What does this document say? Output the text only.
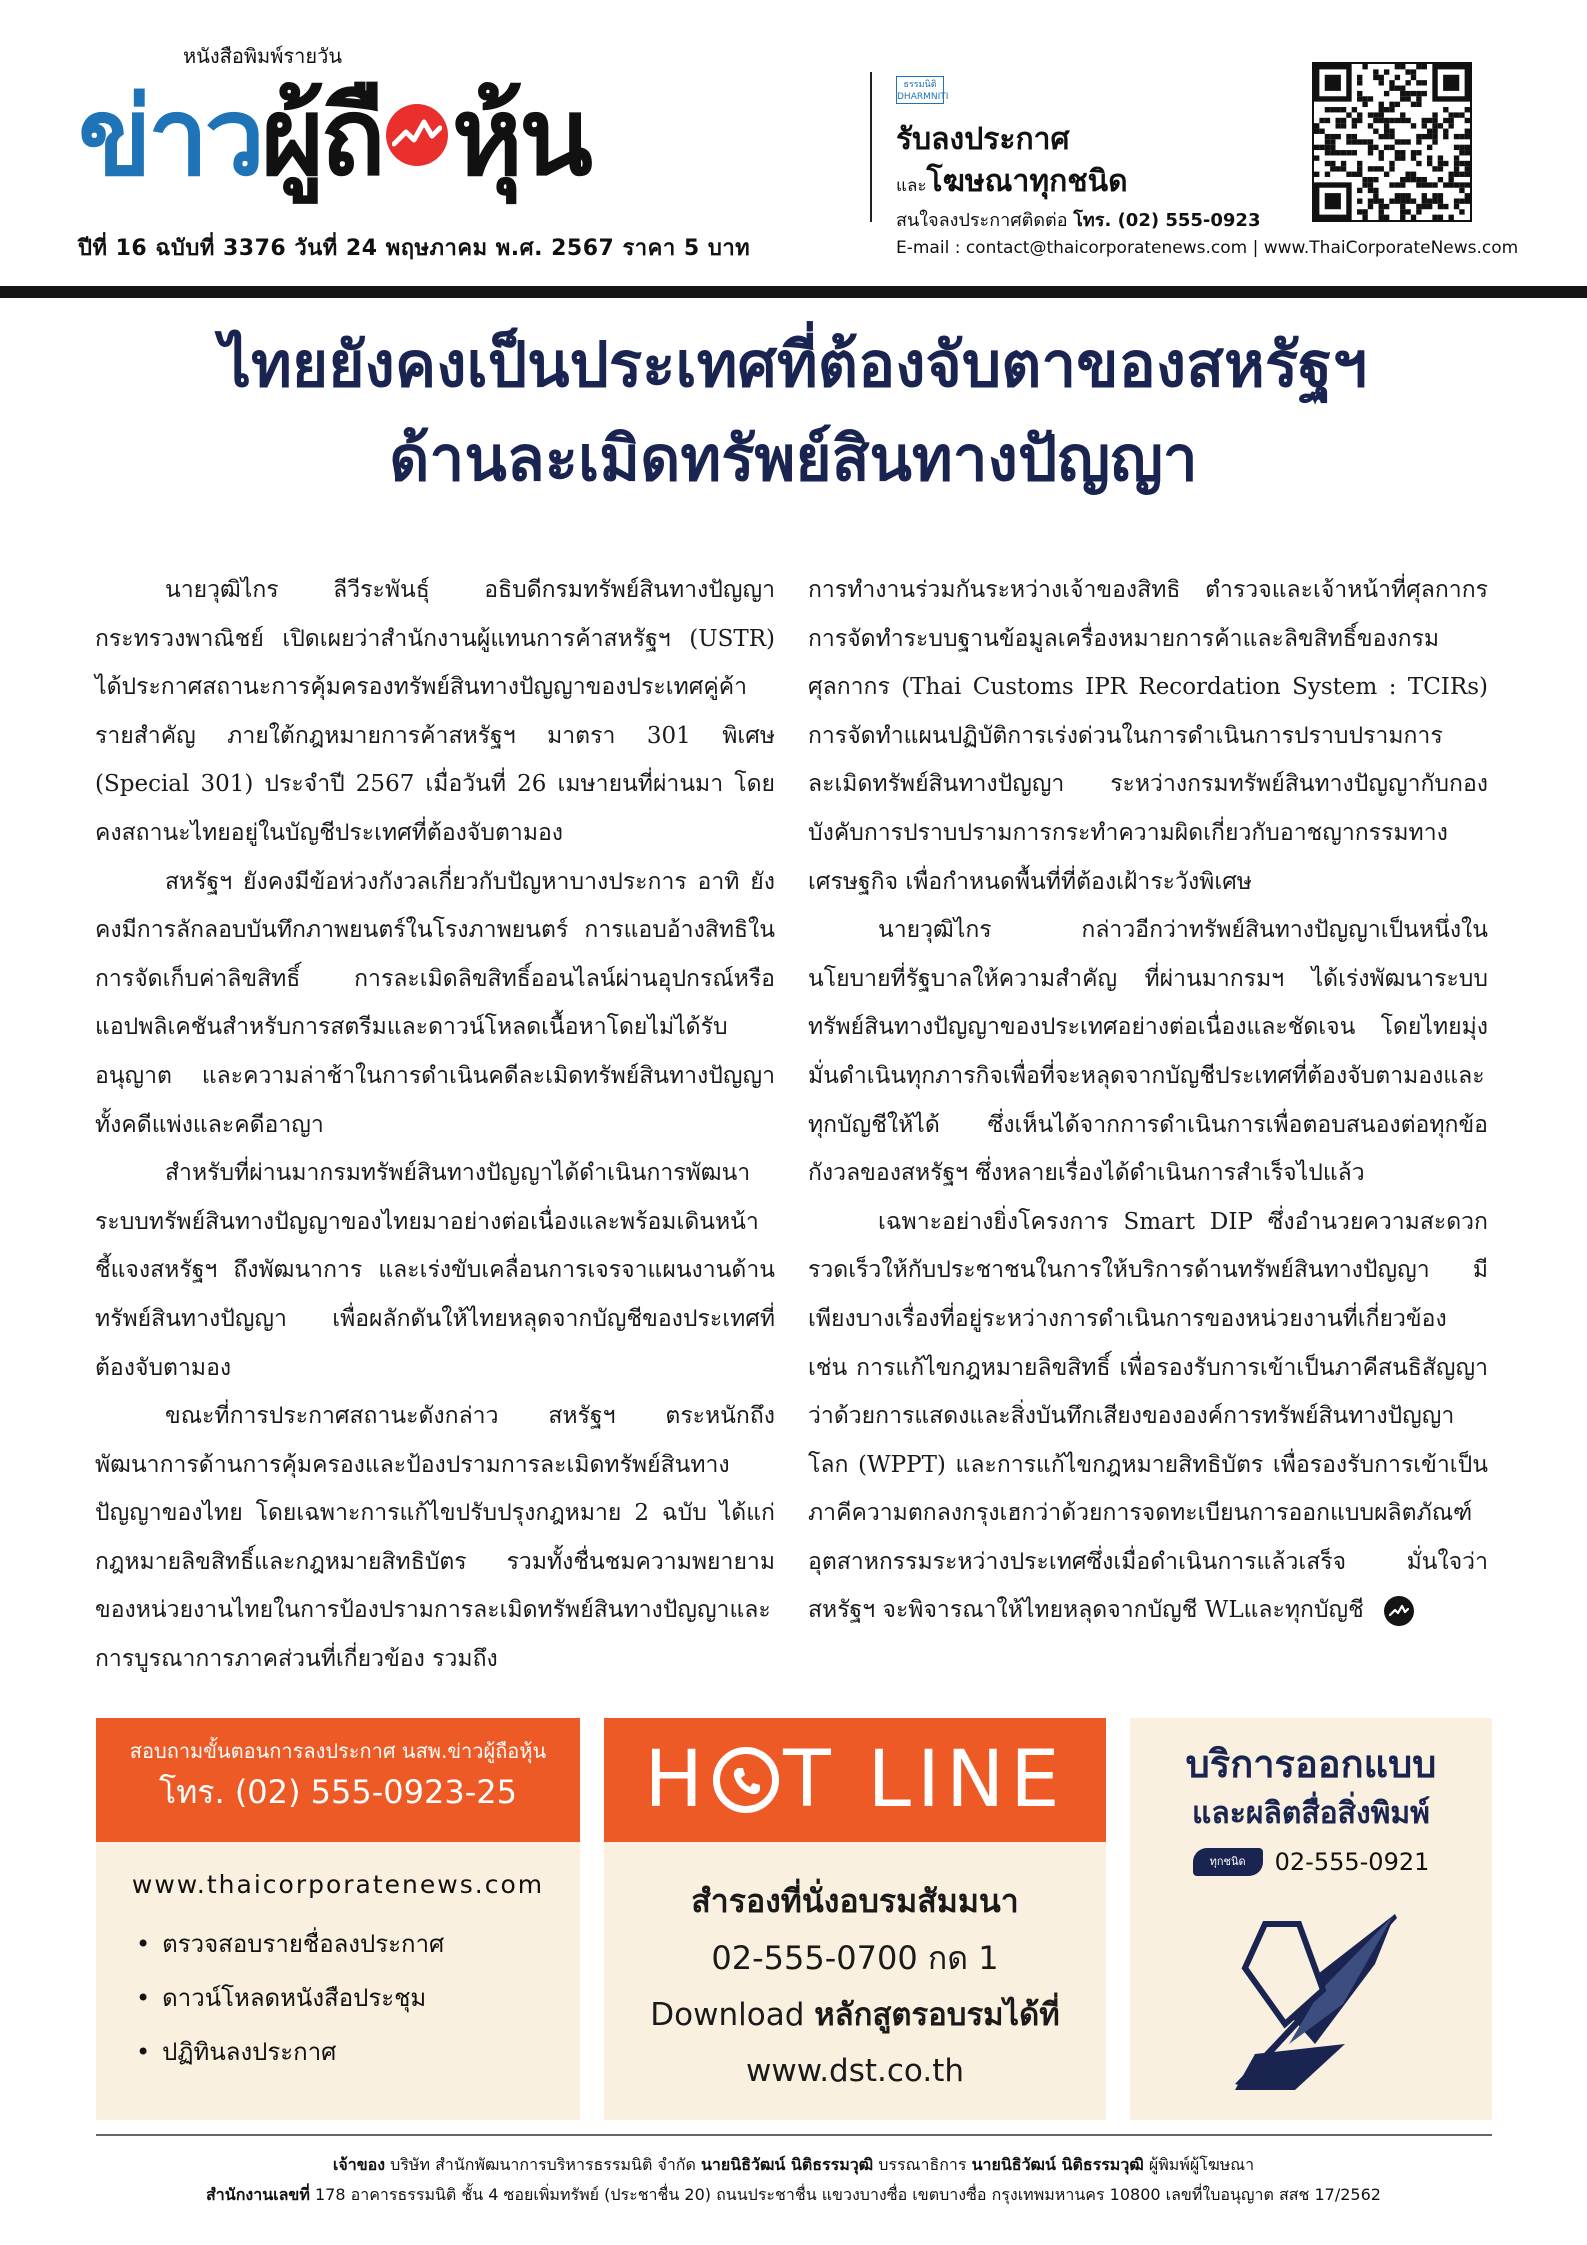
หนังสือพิมพ์รายวัน
ข่าว ผู้ถื หุ้น
ปีที่ 16 ฉบับที่ 3376 วันที่ 24 พฤษภาคม พ.ศ. 2567 ราคา 5 บาท
ธรรมนิติ DHARMNITI
รับลงประกาศ
และโฆษณาทุกชนิด
สนใจลงประกาศติดต่อ โทร. (02) 555-0923
E-mail : contact@thaicorporatenews.com | www.ThaiCorporateNews.com
ไทยยังคงเป็นประเทศที่ต้องจับตาของสหรัฐฯ
ด้านละเมิดทรัพย์สินทางปัญญา

นายวุฒิไกร ลีวีระพันธุ์ อธิบดีกรมทรัพย์สินทางปัญญา กระทรวงพาณิชย์ เปิดเผยว่าสำนักงานผู้แทนการค้าสหรัฐฯ (USTR) ได้ประกาศสถานะการคุ้มครองทรัพย์สินทางปัญญาของประเทศคู่ค้ารายสำคัญ ภายใต้กฎหมายการค้าสหรัฐฯ มาตรา 301 พิเศษ (Special 301) ประจำปี 2567 เมื่อวันที่ 26 เมษายนที่ผ่านมา โดยคงสถานะไทยอยู่ในบัญชีประเทศที่ต้องจับตามอง

สหรัฐฯ ยังคงมีข้อห่วงกังวลเกี่ยวกับปัญหาบางประการ อาทิ ยังคงมีการลักลอบบันทึกภาพยนตร์ในโรงภาพยนตร์ การแอบอ้างสิทธิในการจัดเก็บค่าลิขสิทธิ์ การละเมิดลิขสิทธิ์ออนไลน์ผ่านอุปกรณ์หรือแอปพลิเคชันสำหรับการสตรีมและดาวน์โหลดเนื้อหาโดยไม่ได้รับอนุญาต และความล่าช้าในการดำเนินคดีละเมิดทรัพย์สินทางปัญญาทั้งคดีแพ่งและคดีอาญา

สำหรับที่ผ่านมากรมทรัพย์สินทางปัญญาได้ดำเนินการพัฒนาระบบทรัพย์สินทางปัญญาของไทยมาอย่างต่อเนื่องและพร้อมเดินหน้าชี้แจงสหรัฐฯ ถึงพัฒนาการ และเร่งขับเคลื่อนการเจรจาแผนงานด้านทรัพย์สินทางปัญญา เพื่อผลักดันให้ไทยหลุดจากบัญชีของประเทศที่ต้องจับตามอง

ขณะที่การประกาศสถานะดังกล่าว สหรัฐฯ ตระหนักถึงพัฒนาการด้านการคุ้มครองและป้องปรามการละเมิดทรัพย์สินทางปัญญาของไทย โดยเฉพาะการแก้ไขปรับปรุงกฎหมาย 2 ฉบับ ได้แก่ กฎหมายลิขสิทธิ์และกฎหมายสิทธิบัตร รวมทั้งชื่นชมความพยายามของหน่วยงานไทยในการป้องปรามการละเมิดทรัพย์สินทางปัญญาและการบูรณาการภาคส่วนที่เกี่ยวข้อง รวมถึง

การทำงานร่วมกันระหว่างเจ้าของสิทธิ ตำรวจและเจ้าหน้าที่ศุลกากร การจัดทำระบบฐานข้อมูลเครื่องหมายการค้าและลิขสิทธิ์ของกรมศุลกากร (Thai Customs IPR Recordation System : TCIRs) การจัดทำแผนปฏิบัติการเร่งด่วนในการดำเนินการปราบปรามการละเมิดทรัพย์สินทางปัญญา ระหว่างกรมทรัพย์สินทางปัญญากับกองบังคับการปราบปรามการกระทำความผิดเกี่ยวกับอาชญากรรมทางเศรษฐกิจ เพื่อกำหนดพื้นที่ที่ต้องเฝ้าระวังพิเศษ

นายวุฒิไกร กล่าวอีกว่าทรัพย์สินทางปัญญาเป็นหนึ่งในนโยบายที่รัฐบาลให้ความสำคัญ ที่ผ่านมากรมฯ ได้เร่งพัฒนาระบบทรัพย์สินทางปัญญาของประเทศอย่างต่อเนื่องและชัดเจน โดยไทยมุ่งมั่นดำเนินทุกภารกิจเพื่อที่จะหลุดจากบัญชีประเทศที่ต้องจับตามองและทุกบัญชีให้ได้ ซึ่งเห็นได้จากการดำเนินการเพื่อตอบสนองต่อทุกข้อกังวลของสหรัฐฯ ซึ่งหลายเรื่องได้ดำเนินการสำเร็จไปแล้ว

เฉพาะอย่างยิ่งโครงการ Smart DIP ซึ่งอำนวยความสะดวกรวดเร็วให้กับประชาชนในการให้บริการด้านทรัพย์สินทางปัญญา มีเพียงบางเรื่องที่อยู่ระหว่างการดำเนินการของหน่วยงานที่เกี่ยวข้อง เช่น การแก้ไขกฎหมายลิขสิทธิ์ เพื่อรองรับการเข้าเป็นภาคีสนธิสัญญาว่าด้วยการแสดงและสิ่งบันทึกเสียงขององค์การทรัพย์สินทางปัญญาโลก (WPPT) และการแก้ไขกฎหมายสิทธิบัตร เพื่อรองรับการเข้าเป็นภาคีความตกลงกรุงเฮกว่าด้วยการจดทะเบียนการออกแบบผลิตภัณฑ์อุตสาหกรรมระหว่างประเทศซึ่งเมื่อดำเนินการแล้วเสร็จ มั่นใจว่าสหรัฐฯ จะพิจารณาให้ไทยหลุดจากบัญชี WLและทุกบัญชี

สอบถามขั้นตอนการลงประกาศ นสพ.ข่าวผู้ถือหุ้น
โทร. (02) 555-0923-25
www.thaicorporatenews.com
• ตรวจสอบรายชื่อลงประกาศ
• ดาวน์โหลดหนังสือประชุม
• ปฏิทินลงประกาศ
H T LINE
สำรองที่นั่งอบรมสัมมนา
02-555-0700 กด 1
Download หลักสูตรอบรมได้ที่
www.dst.co.th
บริการออกแบบ
และผลิตสื่อสิ่งพิมพ์
ทุกชนิด	02-555-0921
เจ้าของ บริษัท สำนักพัฒนาการบริหารธรรมนิติ จำกัด นายนิธิวัฒน์ นิติธรรมวุฒิ บรรณาธิการ นายนิธิวัฒน์ นิติธรรมวุฒิ ผู้พิมพ์ผู้โฆษณา
สำนักงานเลขที่ 178 อาคารธรรมนิติ ชั้น 4 ซอยเพิ่มทรัพย์ (ประชาชื่น 20) ถนนประชาชื่น แขวงบางซื่อ เขตบางซื่อ กรุงเทพมหานคร 10800 เลขที่ใบอนุญาต สสช 17/2562
